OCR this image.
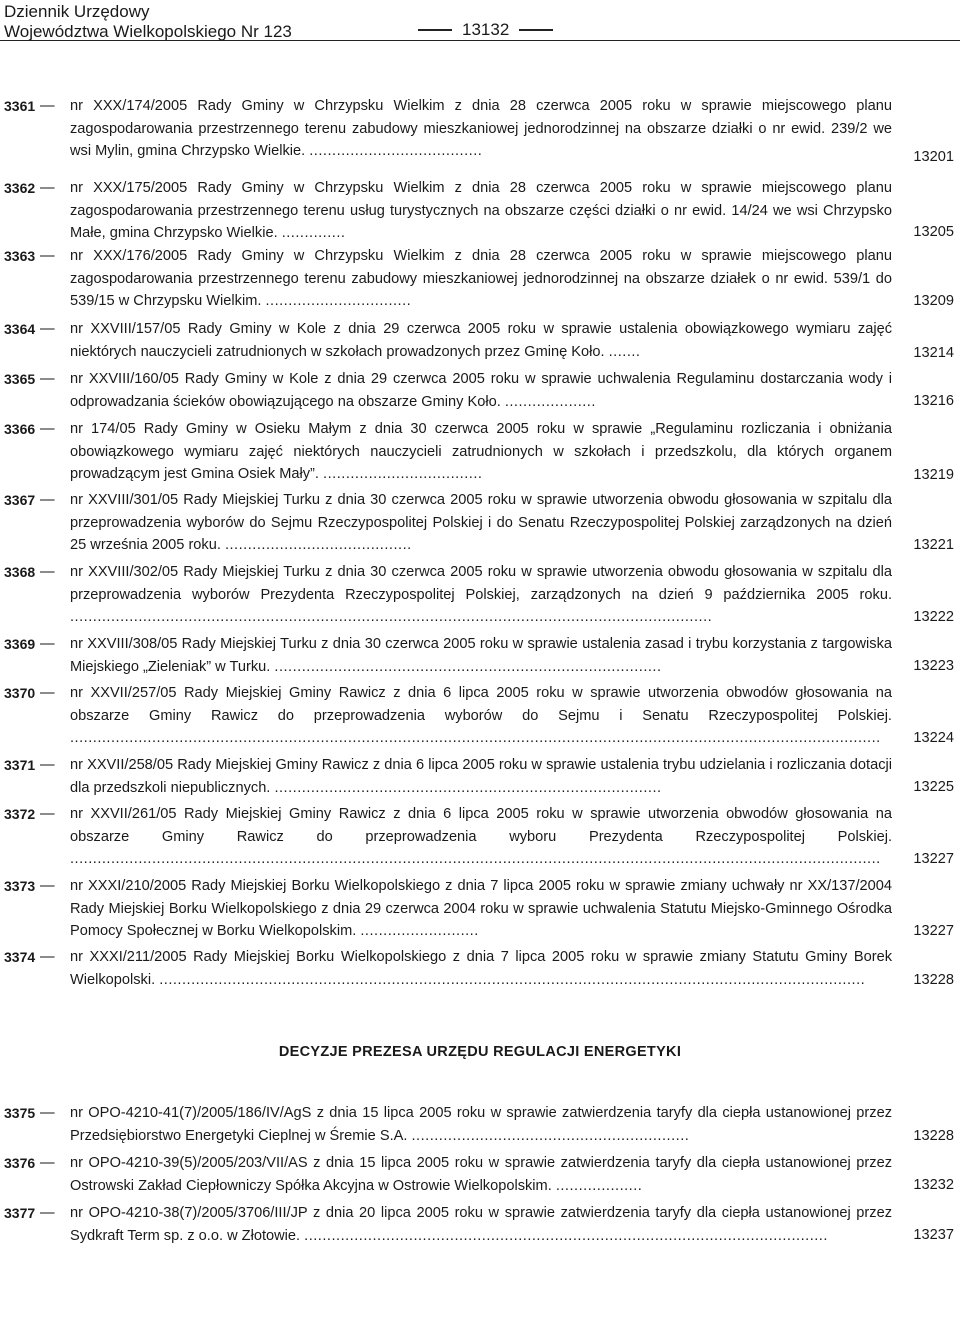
Dziennik Urzędowy
Województwa Wielkopolskiego Nr 123	13132
3361 — nr XXX/174/2005 Rady Gminy w Chrzypsku Wielkim z dnia 28 czerwca 2005 roku w sprawie miejscowego planu zagospodarowania przestrzennego terenu zabudowy mieszkaniowej jednorodzinnej na obszarze działki o nr ewid. 239/2 we wsi Mylin, gmina Chrzypsko Wielkie. ......................................	13201
3362 — nr XXX/175/2005 Rady Gminy w Chrzypsku Wielkim z dnia 28 czerwca 2005 roku w sprawie miejscowego planu zagospodarowania przestrzennego terenu usług turystycznych na obszarze części działki o nr ewid. 14/24 we wsi Chrzypsko Małe, gmina Chrzypsko Wielkie. ..............	13205
3363 — nr XXX/176/2005 Rady Gminy w Chrzypsku Wielkim z dnia 28 czerwca 2005 roku w sprawie miejscowego planu zagospodarowania przestrzennego terenu zabudowy mieszkaniowej jednorodzinnej na obszarze działek o nr ewid. 539/1 do 539/15 w Chrzypsku Wielkim. ................................	13209
3364 — nr XXVIII/157/05 Rady Gminy w Kole z dnia 29 czerwca 2005 roku w sprawie ustalenia obowiązkowego wymiaru zajęć niektórych nauczycieli zatrudnionych w szkołach prowadzonych przez Gminę Koło. .......	13214
3365 — nr XXVIII/160/05 Rady Gminy w Kole z dnia 29 czerwca 2005 roku w sprawie uchwalenia Regulaminu dostarczania wody i odprowadzania ścieków obowiązującego na obszarze Gminy Koło. ....................	13216
3366 — nr 174/05 Rady Gminy w Osieku Małym z dnia 30 czerwca 2005 roku w sprawie „Regulaminu rozliczania i obniżania obowiązkowego wymiaru zajęć niektórych nauczycieli zatrudnionych w szkołach i przedszkolu, dla których organem prowadzącym jest Gmina Osiek Mały”. ...................................	13219
3367 — nr XXVIII/301/05 Rady Miejskiej Turku z dnia 30 czerwca 2005 roku w sprawie utworzenia obwodu głosowania w szpitalu dla przeprowadzenia wyborów do Sejmu Rzeczypospolitej Polskiej i do Senatu Rzeczypospolitej Polskiej zarządzonych na dzień 25 września 2005 roku. .........................................	13221
3368 — nr XXVIII/302/05 Rady Miejskiej Turku z dnia 30 czerwca 2005 roku w sprawie utworzenia obwodu głosowania w szpitalu dla przeprowadzenia wyborów Prezydenta Rzeczypospolitej Polskiej, zarządzonych na dzień 9 października 2005 roku. .............................................................................................................................................	13222
3369 — nr XXVIII/308/05 Rady Miejskiej Turku z dnia 30 czerwca 2005 roku w sprawie ustalenia zasad i trybu korzystania z targowiska Miejskiego „Zieleniak” w Turku. .....................................................................................	13223
3370 — nr XXVII/257/05 Rady Miejskiej Gminy Rawicz z dnia 6 lipca 2005 roku w sprawie utworzenia obwodów głosowania na obszarze Gminy Rawicz do przeprowadzenia wyborów do Sejmu i Senatu Rzeczypospolitej Polskiej. ..................................................................................................................................................................................	13224
3371 — nr XXVII/258/05 Rady Miejskiej Gminy Rawicz z dnia 6 lipca 2005 roku w sprawie ustalenia trybu udzielania i rozliczania dotacji dla przedszkoli niepublicznych. .....................................................................................	13225
3372 — nr XXVII/261/05 Rady Miejskiej Gminy Rawicz z dnia 6 lipca 2005 roku w sprawie utworzenia obwodów głosowania na obszarze Gminy Rawicz do przeprowadzenia wyboru Prezydenta Rzeczypospolitej Polskiej. ..................................................................................................................................................................................	13227
3373 — nr XXXI/210/2005 Rady Miejskiej Borku Wielkopolskiego z dnia 7 lipca 2005 roku w sprawie zmiany uchwały nr XX/137/2004 Rady Miejskiej Borku Wielkopolskiego z dnia 29 czerwca 2004 roku w sprawie uchwalenia Statutu Miejsko-Gminnego Ośrodka Pomocy Społecznej w Borku Wielkopolskim. ..........................	13227
3374 — nr XXXI/211/2005 Rady Miejskiej Borku Wielkopolskiego z dnia 7 lipca 2005 roku w sprawie zmiany Statutu Gminy Borek Wielkopolski. ...........................................................................................................................................................	13228
DECYZJE PREZESA URZĘDU REGULACJI ENERGETYKI
3375 — nr OPO-4210-41(7)/2005/186/IV/AgS z dnia 15 lipca 2005 roku w sprawie zatwierdzenia taryfy dla ciepła ustanowionej przez Przedsiębiorstwo Energetyki Cieplnej w Śremie S.A. .............................................................	13228
3376 — nr OPO-4210-39(5)/2005/203/VII/AS z dnia 15 lipca 2005 roku w sprawie zatwierdzenia taryfy dla ciepła ustanowionej przez Ostrowski Zakład Ciepłowniczy Spółka Akcyjna w Ostrowie Wielkopolskim. ...................	13232
3377 — nr OPO-4210-38(7)/2005/3706/III/JP z dnia 20 lipca 2005 roku w sprawie zatwierdzenia taryfy dla ciepła ustanowionej przez Sydkraft Term sp. z o.o. w Złotowie. ...................................................................................................................	13237
